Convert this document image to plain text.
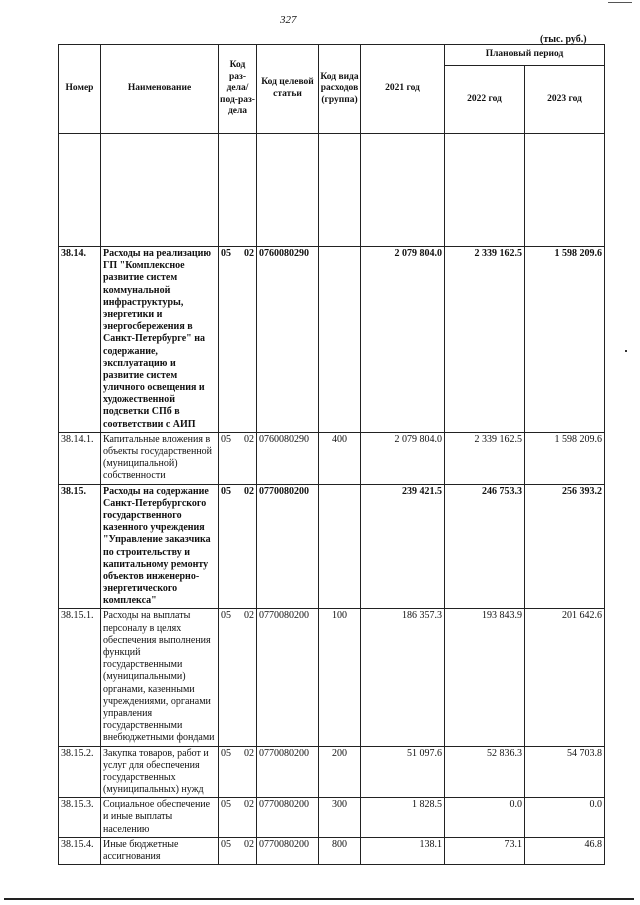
327
(тыс. руб.)
Номер	Наименование	Код раз-дела/ под-раз-дела	Код целевой статьи	Код вида расходов (группа)	2021 год	Плановый период	
						2022 год	2023 год

38.14.	Расходы на реализацию ГП "Комплексное развитие систем коммунальной инфраструктуры, энергетики и энергосбережения в Санкт-Петербурге" на содержание, эксплуатацию и развитие систем уличного освещения и художественной подсветки СПб в соответствии с АИП	05 02	0760080290		2 079 804.0	2 339 162.5	1 598 209.6
38.14.1.	Капитальные вложения в объекты государственной (муниципальной) собственности	05 02	0760080290	400	2 079 804.0	2 339 162.5	1 598 209.6
38.15.	Расходы на содержание Санкт-Петербургского государственного казенного учреждения "Управление заказчика по строительству и капитальному ремонту объектов инженерно-энергетического комплекса"	05 02	0770080200		239 421.5	246 753.3	256 393.2
38.15.1.	Расходы на выплаты персоналу в целях обеспечения выполнения функций государственными (муниципальными) органами, казенными учреждениями, органами управления государственными внебюджетными фондами	05 02	0770080200	100	186 357.3	193 843.9	201 642.6
38.15.2.	Закупка товаров, работ и услуг для обеспечения государственных (муниципальных) нужд	05 02	0770080200	200	51 097.6	52 836.3	54 703.8
38.15.3.	Социальное обеспечение и иные выплаты населению	05 02	0770080200	300	1 828.5	0.0	0.0
38.15.4.	Иные бюджетные ассигнования	05 02	0770080200	800	138.1	73.1	46.8
